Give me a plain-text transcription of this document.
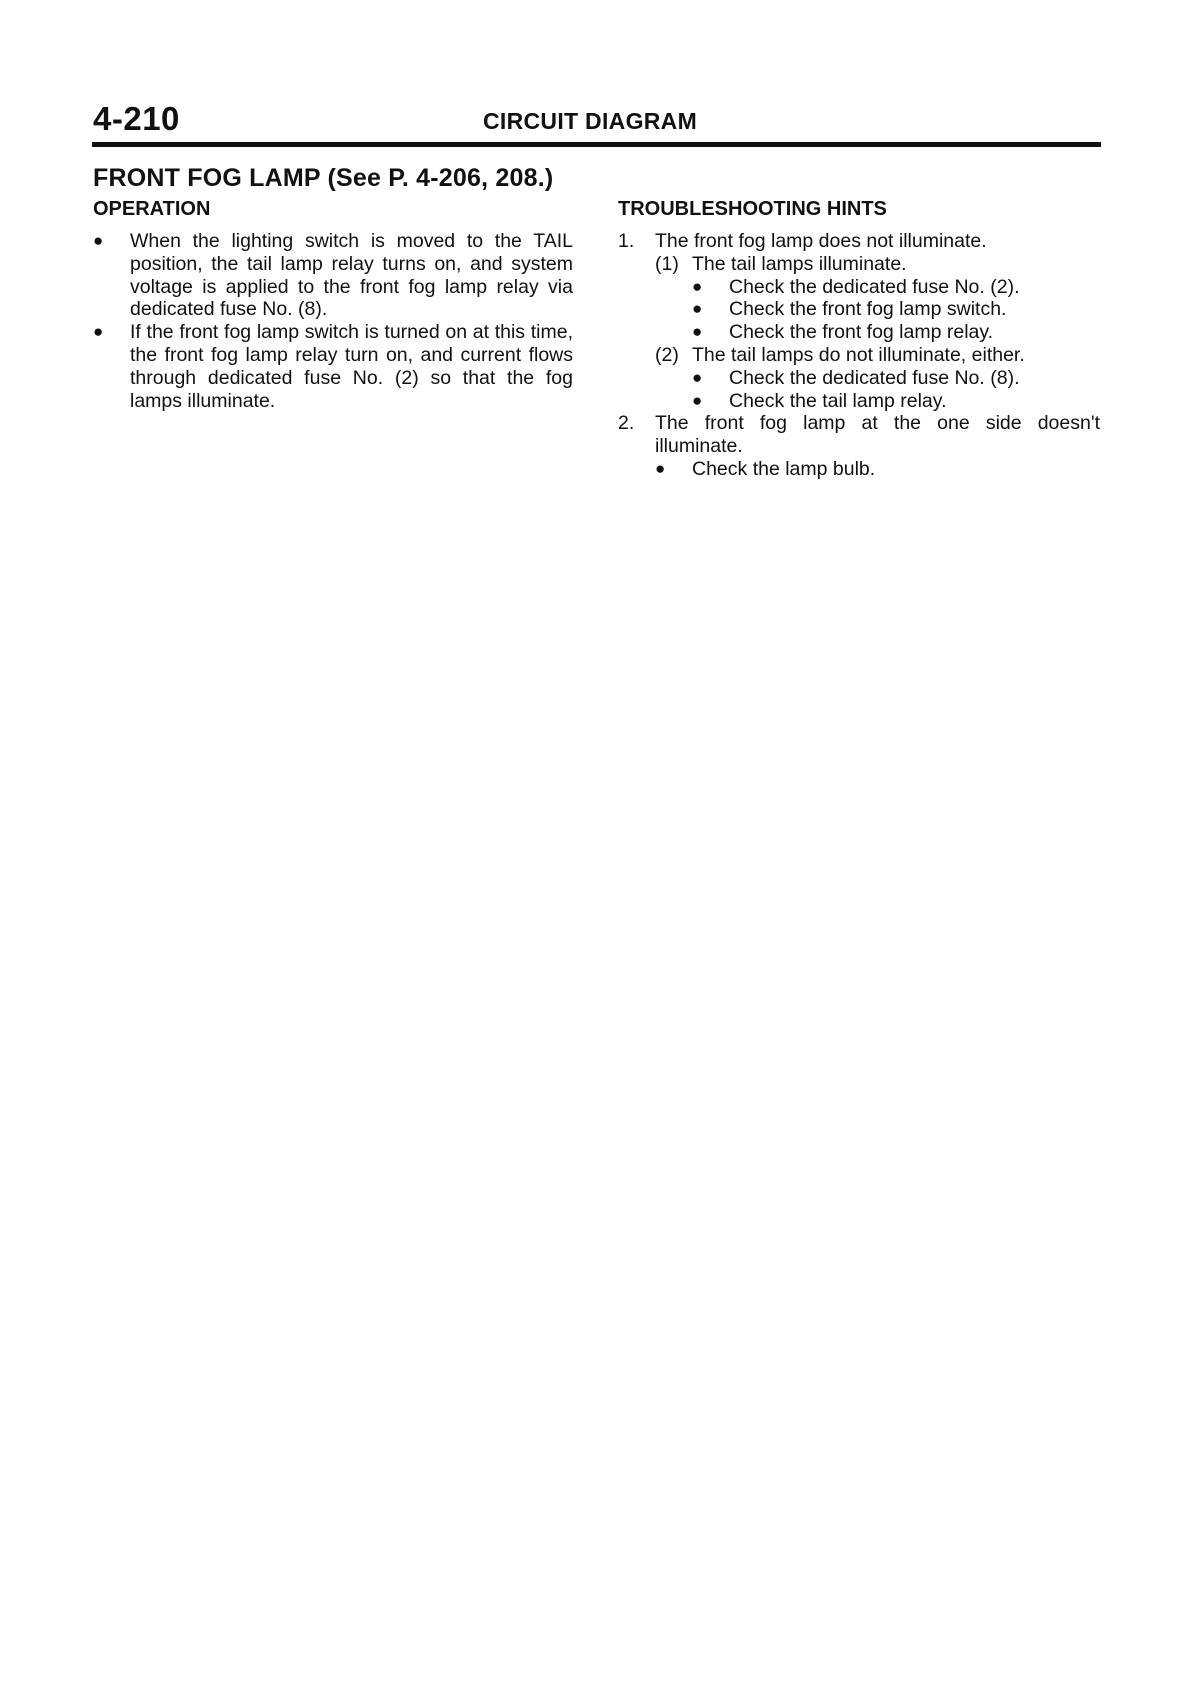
4-210	CIRCUIT DIAGRAM
FRONT FOG LAMP (See P. 4-206, 208.)
OPERATION
● When the lighting switch is moved to the TAIL position, the tail lamp relay turns on, and system voltage is applied to the front fog lamp relay via dedicated fuse No. (8).
● If the front fog lamp switch is turned on at this time, the front fog lamp relay turn on, and current flows through dedicated fuse No. (2) so that the fog lamps illuminate.
TROUBLESHOOTING HINTS
1. The front fog lamp does not illuminate.
(1) The tail lamps illuminate.
● Check the dedicated fuse No. (2).
● Check the front fog lamp switch.
● Check the front fog lamp relay.
(2) The tail lamps do not illuminate, either.
● Check the dedicated fuse No. (8).
● Check the tail lamp relay.
2. The front fog lamp at the one side doesn't illuminate.
● Check the lamp bulb.
